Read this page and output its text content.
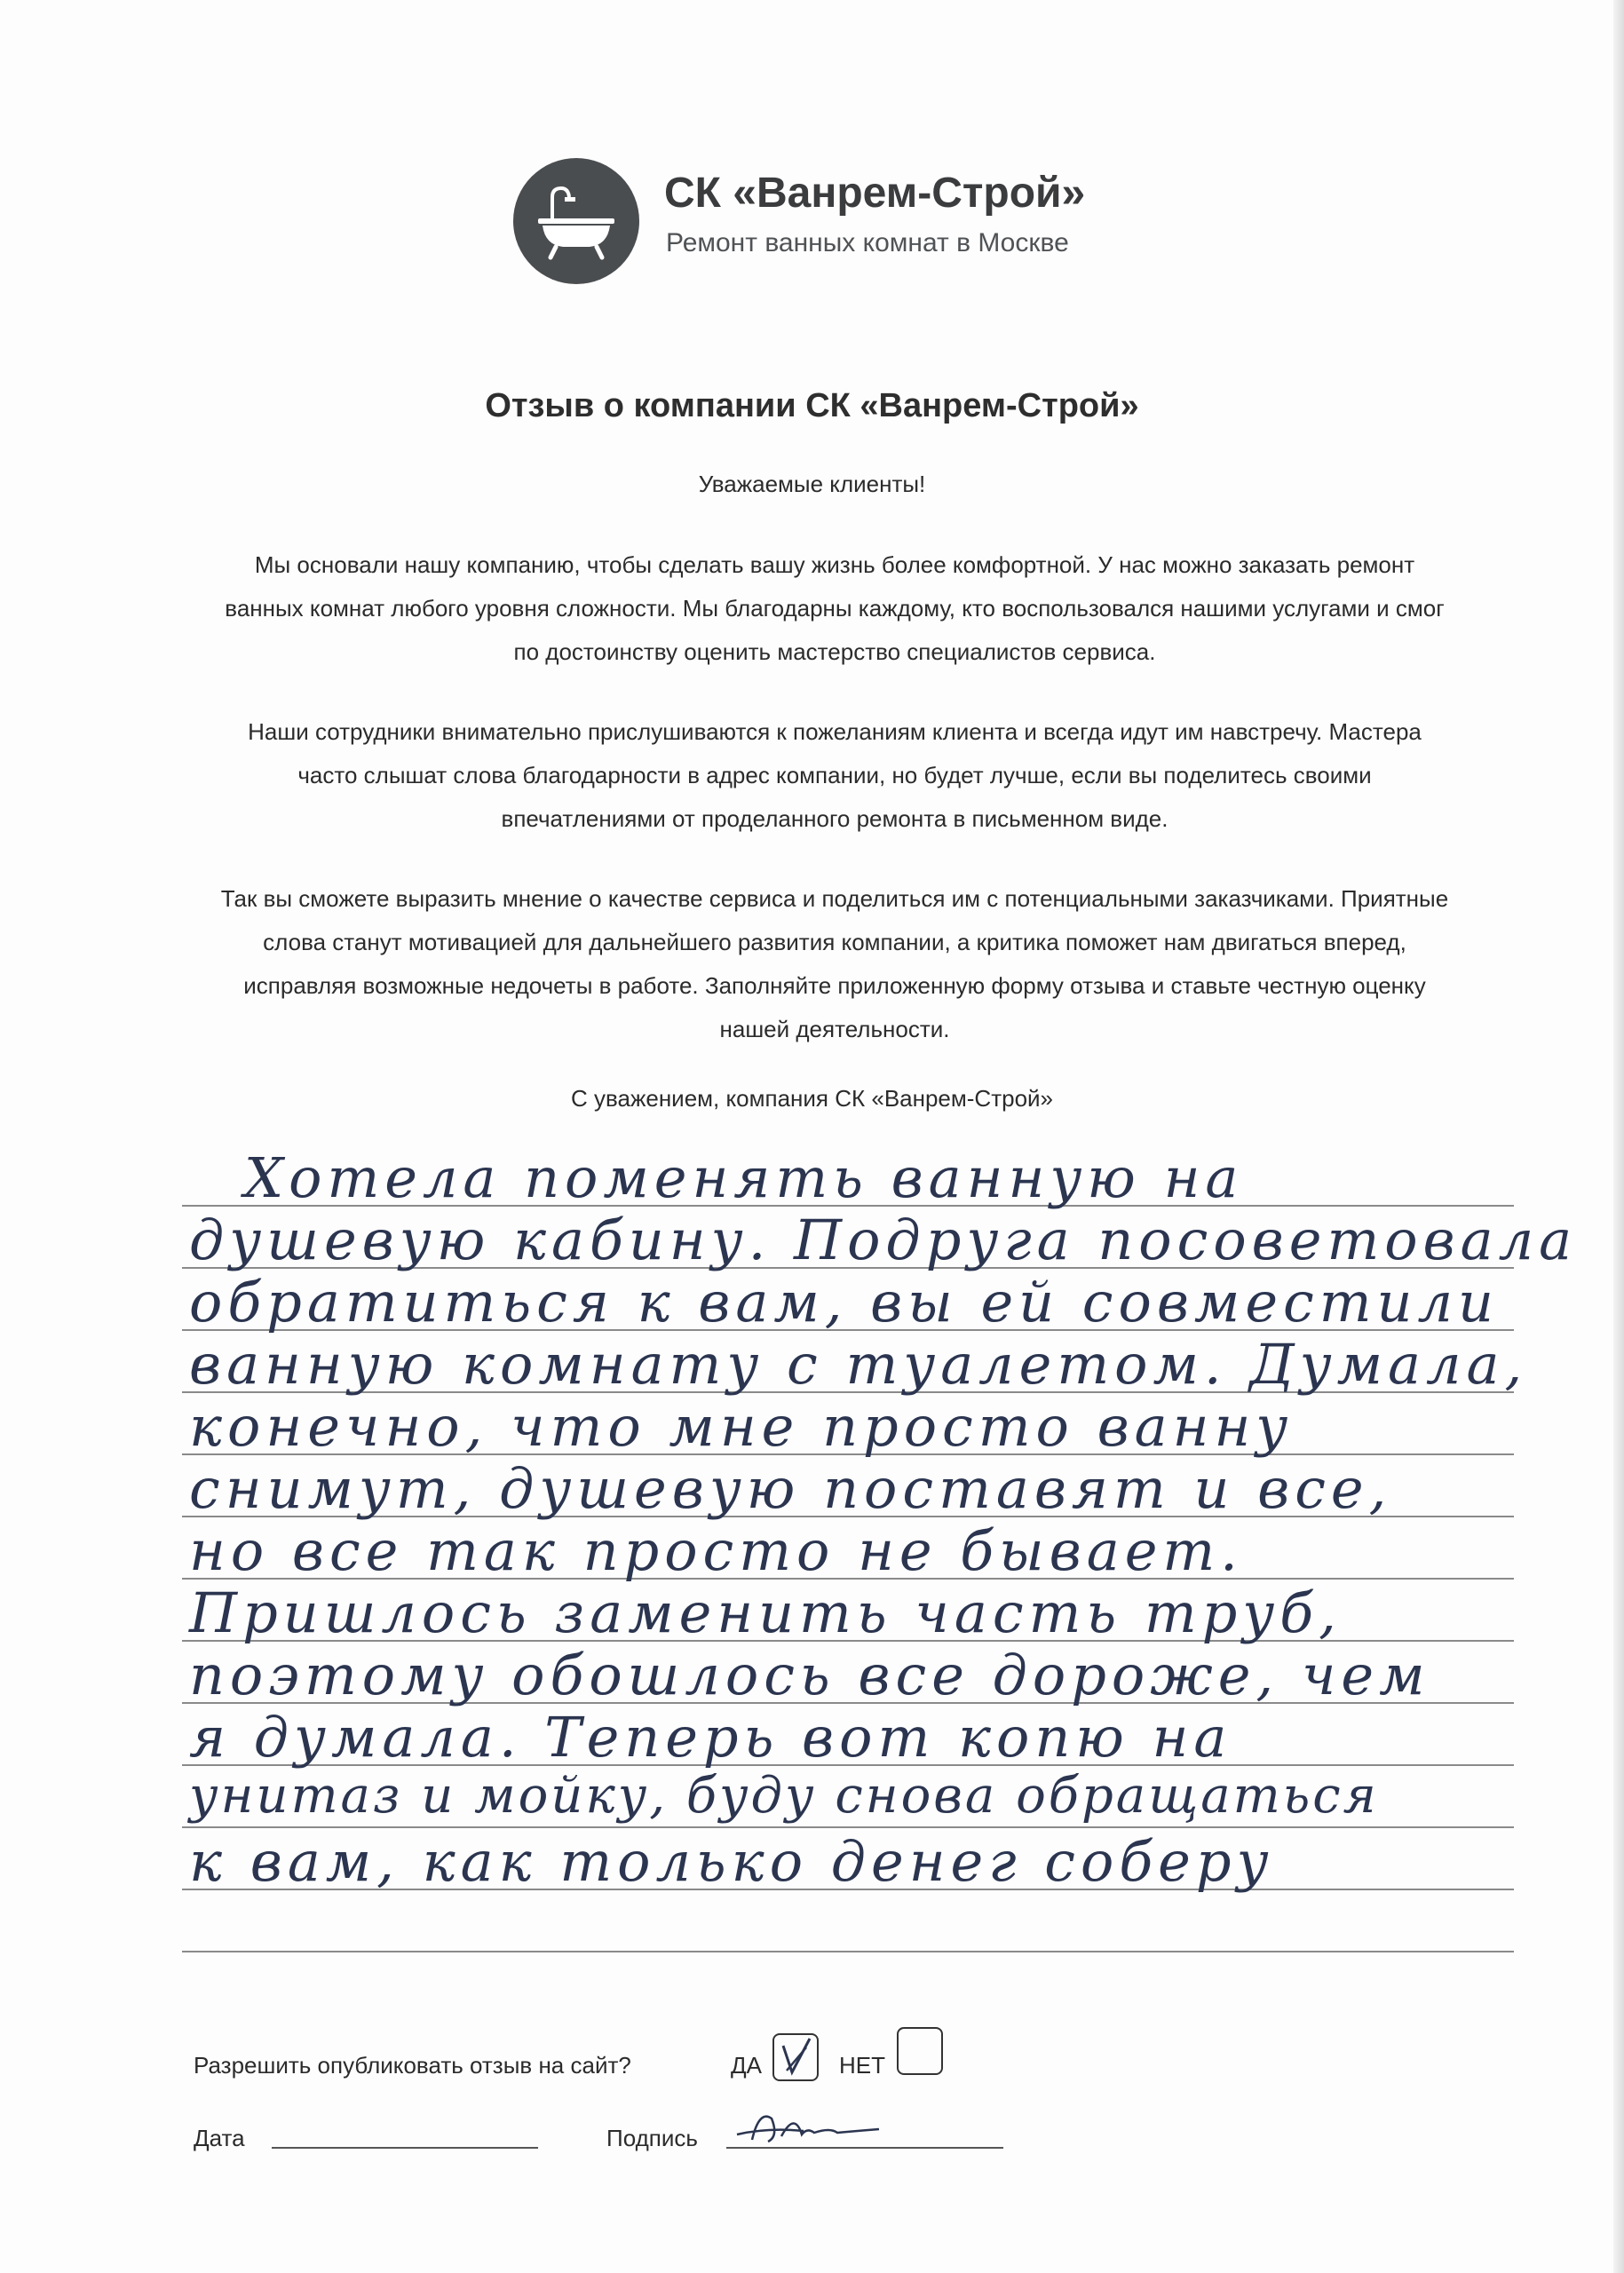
СК «Ванрем-Строй»
Ремонт ванных комнат в Москве
Отзыв о компании СК «Ванрем-Строй»
Уважаемые клиенты!
Мы основали нашу компанию, чтобы сделать вашу жизнь более комфортной. У нас можно заказать ремонт
ванных комнат любого уровня сложности. Мы благодарны каждому, кто воспользовался нашими услугами и смог
по достоинству оценить мастерство специалистов сервиса.
Наши сотрудники внимательно прислушиваются к пожеланиям клиента и всегда идут им навстречу. Мастера
часто слышат слова благодарности в адрес компании, но будет лучше, если вы поделитесь своими
впечатлениями от проделанного ремонта в письменном виде.
Так вы сможете выразить мнение о качестве сервиса и поделиться им с потенциальными заказчиками. Приятные
слова станут мотивацией для дальнейшего развития компании, а критика поможет нам двигаться вперед,
исправляя возможные недочеты в работе. Заполняйте приложенную форму отзыва и ставьте честную оценку
нашей деятельности.
С уважением, компания СК «Ванрем-Строй»
Хотела поменять ванную на
душевую кабину. Подруга посоветовала
обратиться к вам, вы ей совместили
ванную комнату с туалетом. Думала,
конечно, что мне просто ванну
снимут, душевую поставят и все,
но все так просто не бывает.
Пришлось заменить часть труб,
поэтому обошлось все дороже, чем
я думала. Теперь вот копю на
унитаз и мойку, буду снова обращаться
к вам, как только денег соберу
Разрешить опубликовать отзыв на сайт?	ДА	НЕТ
Дата	Подпись
